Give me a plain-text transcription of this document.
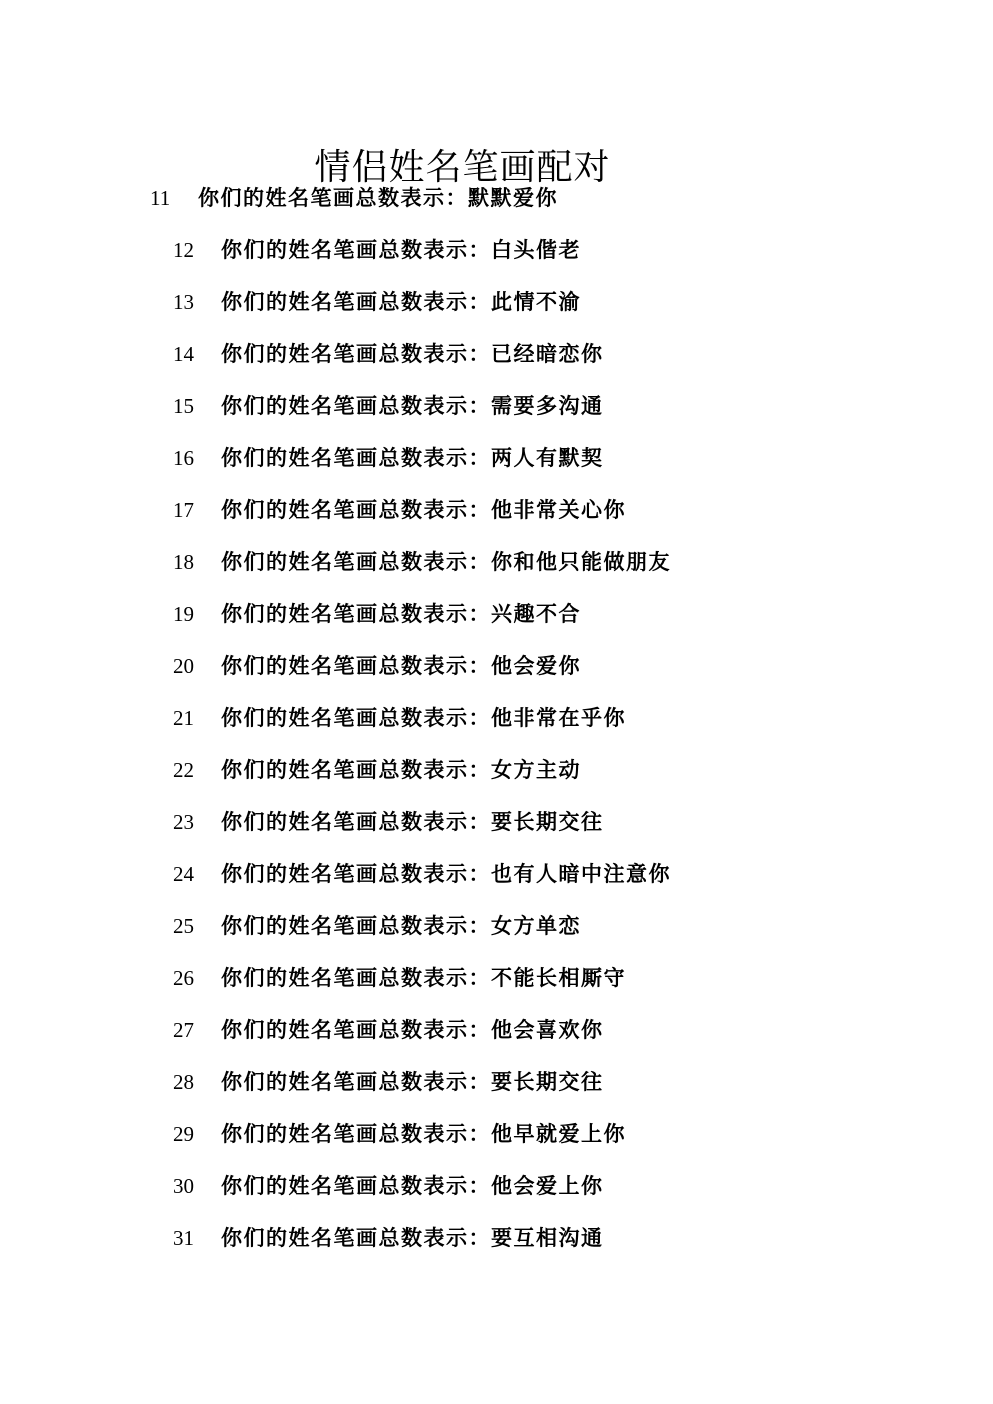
情侣姓名笔画配对
11	你们的姓名笔画总数表示：默默爱你
12	你们的姓名笔画总数表示：白头偕老
13	你们的姓名笔画总数表示：此情不渝
14	你们的姓名笔画总数表示：已经暗恋你
15	你们的姓名笔画总数表示：需要多沟通
16	你们的姓名笔画总数表示：两人有默契
17	你们的姓名笔画总数表示：他非常关心你
18	你们的姓名笔画总数表示：你和他只能做朋友
19	你们的姓名笔画总数表示：兴趣不合
20	你们的姓名笔画总数表示：他会爱你
21	你们的姓名笔画总数表示：他非常在乎你
22	你们的姓名笔画总数表示：女方主动
23	你们的姓名笔画总数表示：要长期交往
24	你们的姓名笔画总数表示：也有人暗中注意你
25	你们的姓名笔画总数表示：女方单恋
26	你们的姓名笔画总数表示：不能长相厮守
27	你们的姓名笔画总数表示：他会喜欢你
28	你们的姓名笔画总数表示：要长期交往
29	你们的姓名笔画总数表示：他早就爱上你
30	你们的姓名笔画总数表示：他会爱上你
31	你们的姓名笔画总数表示：要互相沟通
